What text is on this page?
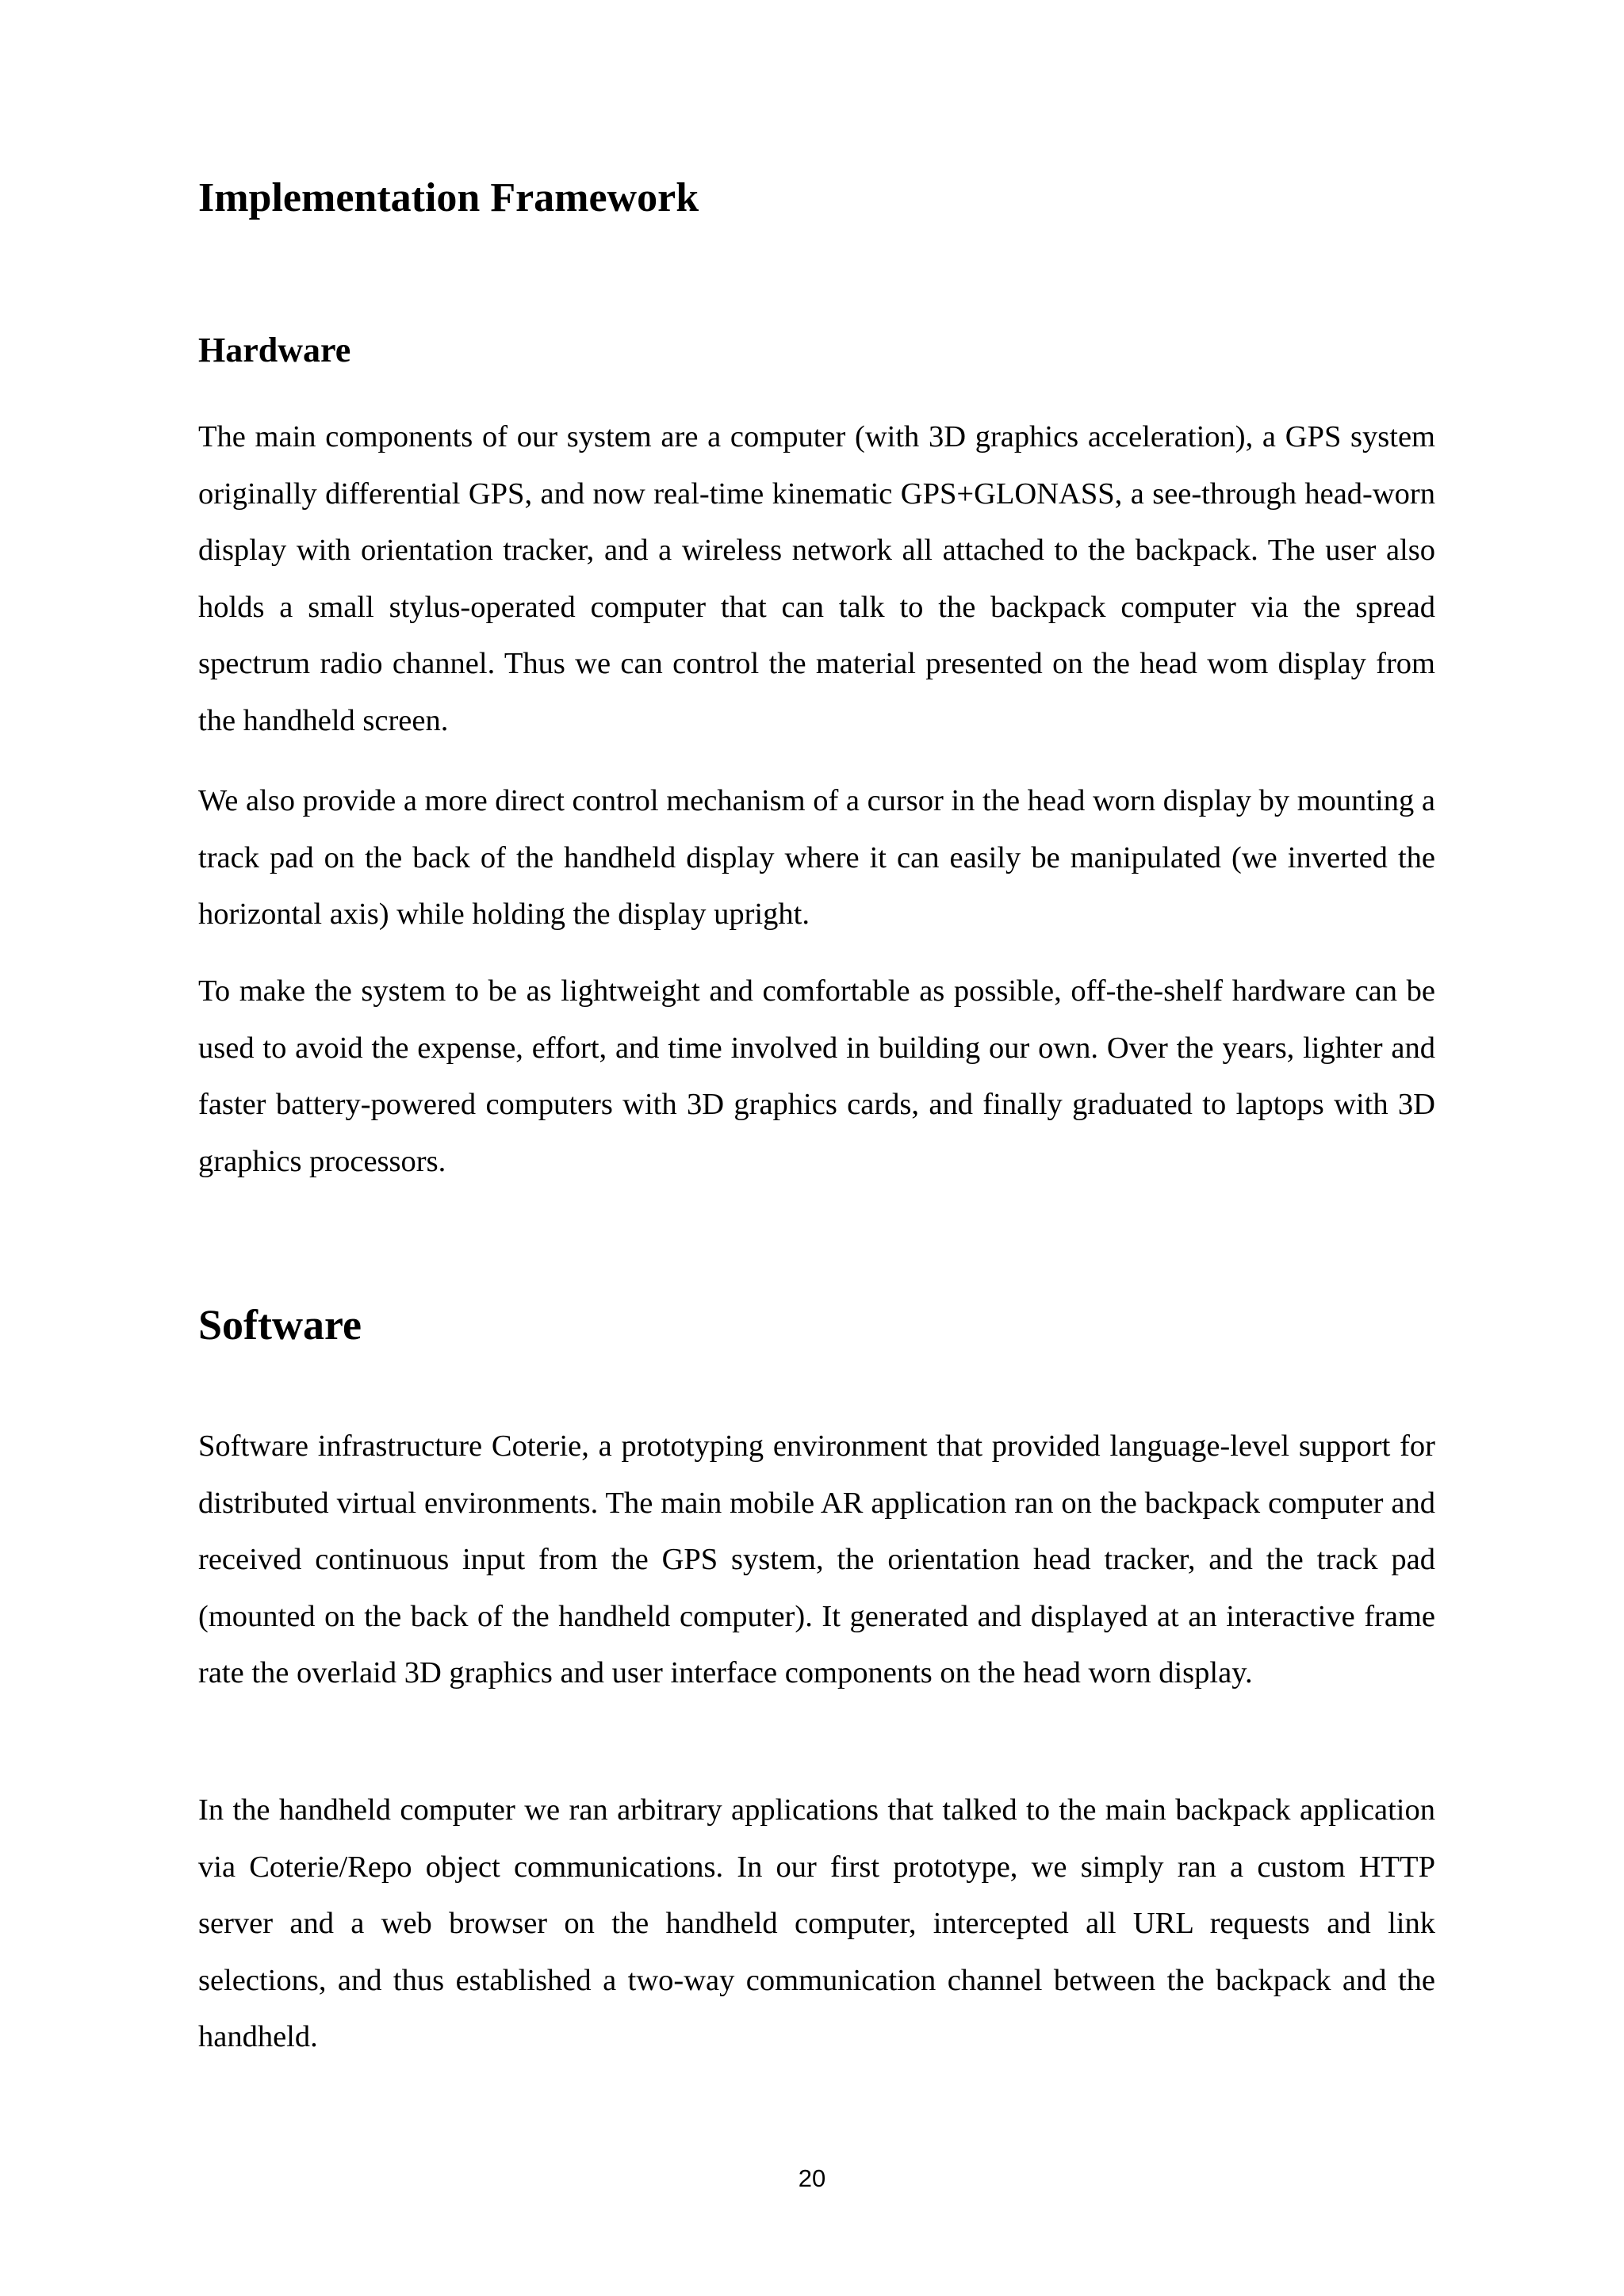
Implementation Framework
Hardware

The main components of our system are a computer (with 3D graphics acceleration), a GPS system originally differential GPS, and now real-time kinematic GPS+GLONASS, a see-through head-worn display with orientation tracker, and a wireless network all attached to the backpack. The user also holds a small stylus-operated computer that can talk to the backpack computer via the spread spectrum radio channel. Thus we can control the material presented on the head wom display from the handheld screen.

We also provide a more direct control mechanism of a cursor in the head worn display by mounting a track pad on the back of the handheld display where it can easily be manipulated (we inverted the horizontal axis) while holding the display upright.

To make the system to be as lightweight and comfortable as possible, off-the-shelf hardware can be used to avoid the expense, effort, and time involved in building our own. Over the years, lighter and faster battery-powered computers with 3D graphics cards, and finally graduated to laptops with 3D graphics processors.

Software

Software infrastructure Coterie, a prototyping environment that provided language-level support for distributed virtual environments. The main mobile AR application ran on the backpack computer and received continuous input from the GPS system, the orientation head tracker, and the track pad (mounted on the back of the handheld computer). It generated and displayed at an interactive frame rate the overlaid 3D graphics and user interface components on the head worn display.

In the handheld computer we ran arbitrary applications that talked to the main backpack application via Coterie/Repo object communications. In our first prototype, we simply ran a custom HTTP server and a web browser on the handheld computer, intercepted all URL requests and link selections, and thus established a two-way communication channel between the backpack and the handheld.

20
